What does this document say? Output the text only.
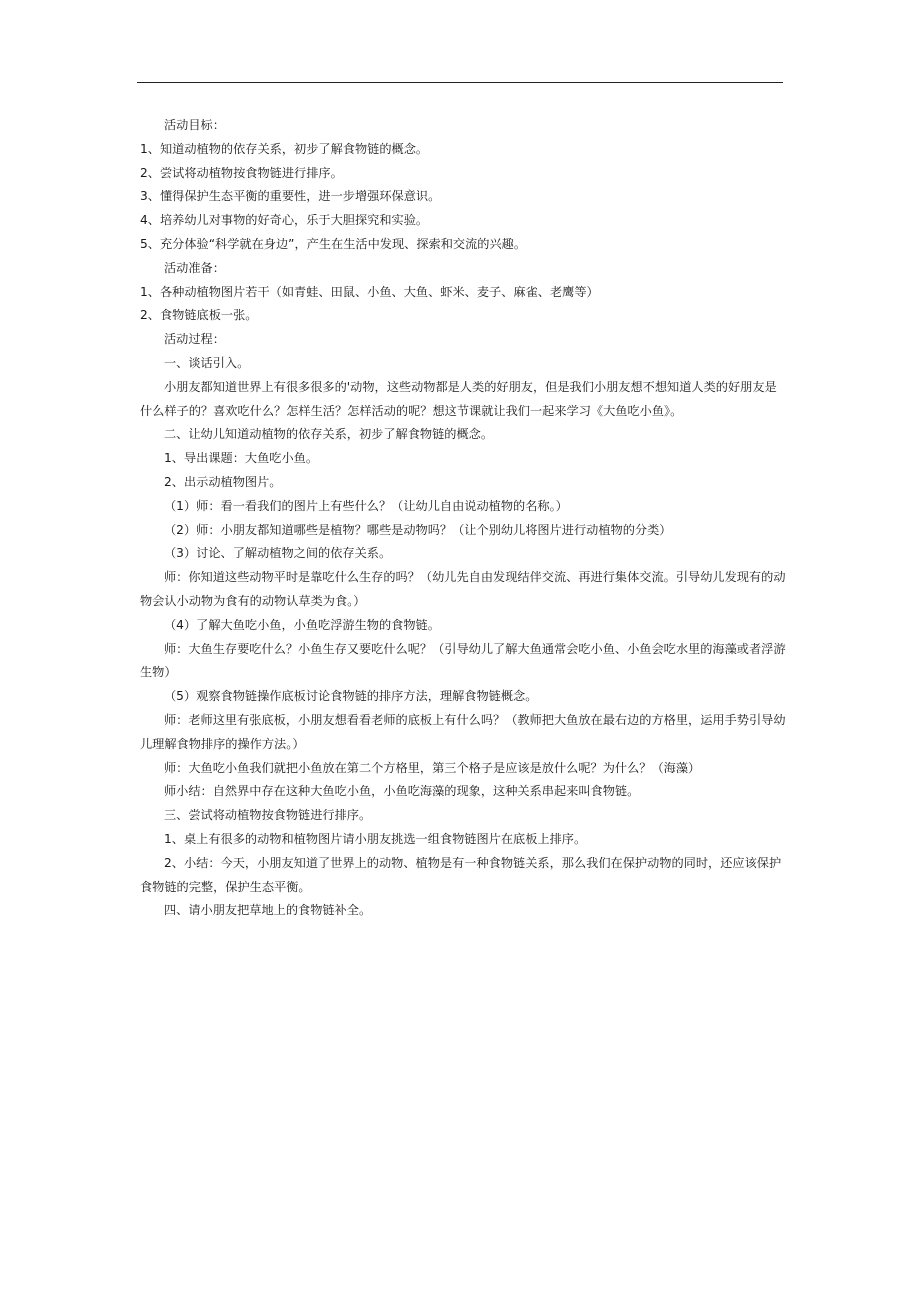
活动目标：

1、知道动植物的依存关系，初步了解食物链的概念。

2、尝试将动植物按食物链进行排序。

3、懂得保护生态平衡的重要性，进一步增强环保意识。

4、培养幼儿对事物的好奇心，乐于大胆探究和实验。

5、充分体验“科学就在身边”，产生在生活中发现、探索和交流的兴趣。

活动准备：

1、各种动植物图片若干（如青蛙、田鼠、小鱼、大鱼、虾米、麦子、麻雀、老鹰等）

2、食物链底板一张。

活动过程：

一、谈话引入。

小朋友都知道世界上有很多很多的'动物，这些动物都是人类的好朋友，但是我们小朋友想不想知道人类的好朋友是什么样子的？喜欢吃什么？怎样生活？怎样活动的呢？想这节课就让我们一起来学习《大鱼吃小鱼》。

二、让幼儿知道动植物的依存关系，初步了解食物链的概念。

1、导出课题：大鱼吃小鱼。

2、出示动植物图片。

（1）师：看一看我们的图片上有些什么？（让幼儿自由说动植物的名称。）

（2）师：小朋友都知道哪些是植物？哪些是动物吗？（让个别幼儿将图片进行动植物的分类）

（3）讨论、了解动植物之间的依存关系。

师：你知道这些动物平时是靠吃什么生存的吗？（幼儿先自由发现结伴交流、再进行集体交流。引导幼儿发现有的动物会认小动物为食有的动物认草类为食。）

（4）了解大鱼吃小鱼，小鱼吃浮游生物的食物链。

师：大鱼生存要吃什么？小鱼生存又要吃什么呢？（引导幼儿了解大鱼通常会吃小鱼、小鱼会吃水里的海藻或者浮游生物）

（5）观察食物链操作底板讨论食物链的排序方法，理解食物链概念。

师：老师这里有张底板，小朋友想看看老师的底板上有什么吗？（教师把大鱼放在最右边的方格里，运用手势引导幼儿理解食物排序的操作方法。）

师：大鱼吃小鱼我们就把小鱼放在第二个方格里，第三个格子是应该是放什么呢？为什么？（海藻）

师小结：自然界中存在这种大鱼吃小鱼，小鱼吃海藻的现象，这种关系串起来叫食物链。

三、尝试将动植物按食物链进行排序。

1、桌上有很多的动物和植物图片请小朋友挑选一组食物链图片在底板上排序。

2、小结：今天，小朋友知道了世界上的动物、植物是有一种食物链关系，那么我们在保护动物的同时，还应该保护食物链的完整，保护生态平衡。

四、请小朋友把草地上的食物链补全。
